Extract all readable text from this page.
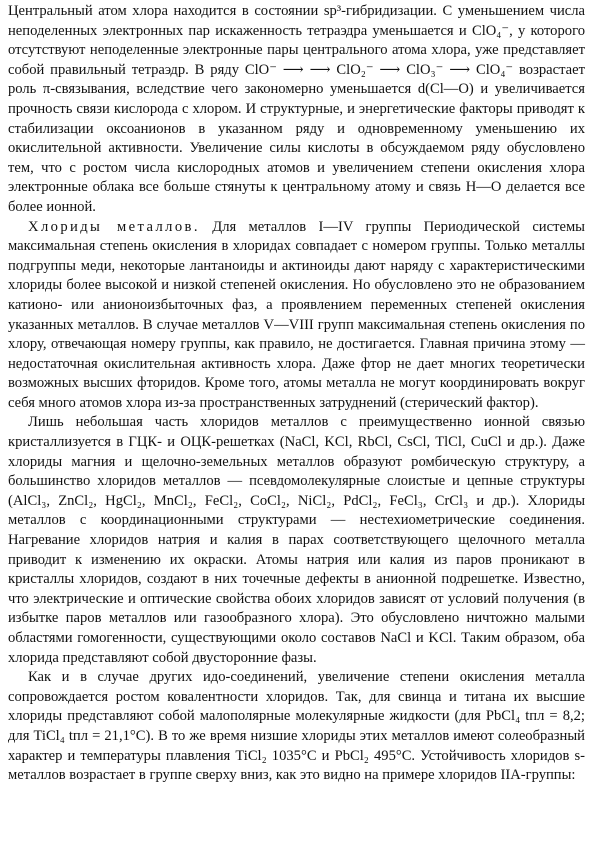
Центральный атом хлора находится в состоянии sp³-гибридизации. С уменьшением числа неподеленных электронных пар искаженность тетраэдра уменьшается и ClO₄⁻, у которого отсутствуют неподеленные электронные пары центрального атома хлора, уже представляет собой правильный тетраэдр. В ряду ClO⁻ ⟶ ⟶ ClO₂⁻ ⟶ ClO₃⁻ ⟶ ClO₄⁻ возрастает роль π-связывания, вследствие чего закономерно уменьшается d(Cl—O) и увеличивается прочность связи кислорода с хлором. И структурные, и энергетические факторы приводят к стабилизации оксоанионов в указанном ряду и одновременному уменьшению их окислительной активности. Увеличение силы кислоты в обсуждаемом ряду обусловлено тем, что с ростом числа кислородных атомов и увеличением степени окисления хлора электронные облака все больше стянуты к центральному атому и связь H—O делается все более ионной.

Хлориды металлов. Для металлов I—IV группы Периодической системы максимальная степень окисления в хлоридах совпадает с номером группы. Только металлы подгруппы меди, некоторые лантаноиды и актиноиды дают наряду с характеристическими хлориды более высокой и низкой степеней окисления. Но обусловлено это не образованием катионо- или анионоизбыточных фаз, а проявлением переменных степеней окисления указанных металлов. В случае металлов V—VIII групп максимальная степень окисления по хлору, отвечающая номеру группы, как правило, не достигается. Главная причина этому — недостаточная окислительная активность хлора. Даже фтор не дает многих теоретически возможных высших фторидов. Кроме того, атомы металла не могут координировать вокруг себя много атомов хлора из-за пространственных затруднений (стерический фактор).

Лишь небольшая часть хлоридов металлов с преимущественно ионной связью кристаллизуется в ГЦК- и ОЦК-решетках (NaCl, KCl, RbCl, CsCl, TlCl, CuCl и др.). Даже хлориды магния и щелочно-земельных металлов образуют ромбическую структуру, а большинство хлоридов металлов — псевдомолекулярные слоистые и цепные структуры (AlCl₃, ZnCl₂, HgCl₂, MnCl₂, FeCl₂, CoCl₂, NiCl₂, PdCl₂, FeCl₃, CrCl₃ и др.). Хлориды металлов с координационными структурами — нестехиометрические соединения. Нагревание хлоридов натрия и калия в парах соответствующего щелочного металла приводит к изменению их окраски. Атомы натрия или калия из паров проникают в кристаллы хлоридов, создают в них точечные дефекты в анионной подрешетке. Известно, что электрические и оптические свойства обоих хлоридов зависят от условий получения (в избытке паров металлов или газообразного хлора). Это обусловлено ничтожно малыми областями гомогенности, существующими около составов NaCl и KCl. Таким образом, оба хлорида представляют собой двусторонние фазы.

Как и в случае других идо-соединений, увеличение степени окисления металла сопровождается ростом ковалентности хлоридов. Так, для свинца и титана их высшие хлориды представляют собой малополярные молекулярные жидкости (для PbCl₄ tпл = 8,2; для TiCl₄ tпл = 21,1°C). В то же время низшие хлориды этих металлов имеют солеобразный характер и температуры плавления TiCl₂ 1035°C и PbCl₂ 495°C. Устойчивость хлоридов s-металлов возрастает в группе сверху вниз, как это видно на примере хлоридов IIA-группы:
